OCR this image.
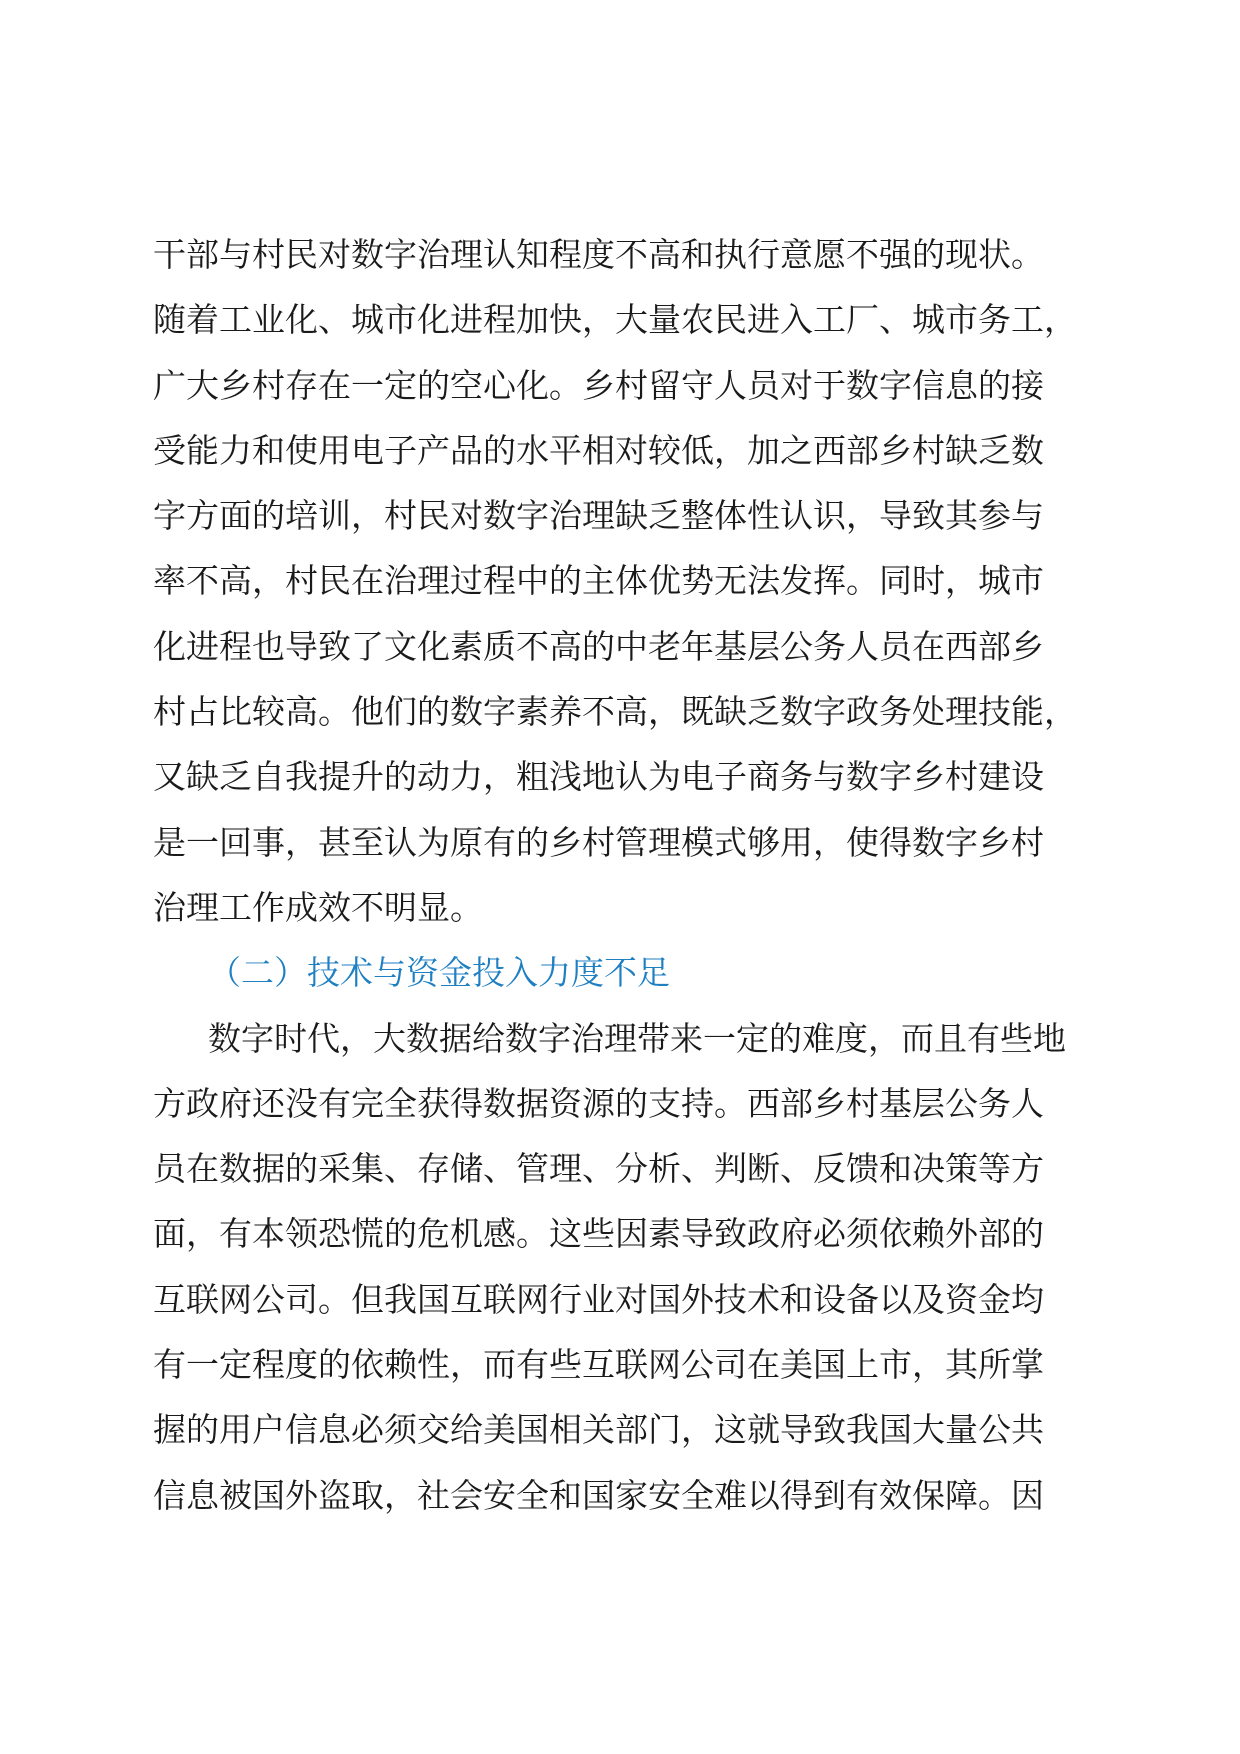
干部与村民对数字治理认知程度不高和执行意愿不强的现状。
随着工业化、城市化进程加快，大量农民进入工厂、城市务工，
广大乡村存在一定的空心化。乡村留守人员对于数字信息的接
受能力和使用电子产品的水平相对较低，加之西部乡村缺乏数
字方面的培训，村民对数字治理缺乏整体性认识，导致其参与
率不高，村民在治理过程中的主体优势无法发挥。同时，城市
化进程也导致了文化素质不高的中老年基层公务人员在西部乡
村占比较高。他们的数字素养不高，既缺乏数字政务处理技能，
又缺乏自我提升的动力，粗浅地认为电子商务与数字乡村建设
是一回事，甚至认为原有的乡村管理模式够用，使得数字乡村
治理工作成效不明显。
（二）技术与资金投入力度不足
数字时代，大数据给数字治理带来一定的难度，而且有些地
方政府还没有完全获得数据资源的支持。西部乡村基层公务人
员在数据的采集、存储、管理、分析、判断、反馈和决策等方
面，有本领恐慌的危机感。这些因素导致政府必须依赖外部的
互联网公司。但我国互联网行业对国外技术和设备以及资金均
有一定程度的依赖性，而有些互联网公司在美国上市，其所掌
握的用户信息必须交给美国相关部门，这就导致我国大量公共
信息被国外盗取，社会安全和国家安全难以得到有效保障。因
